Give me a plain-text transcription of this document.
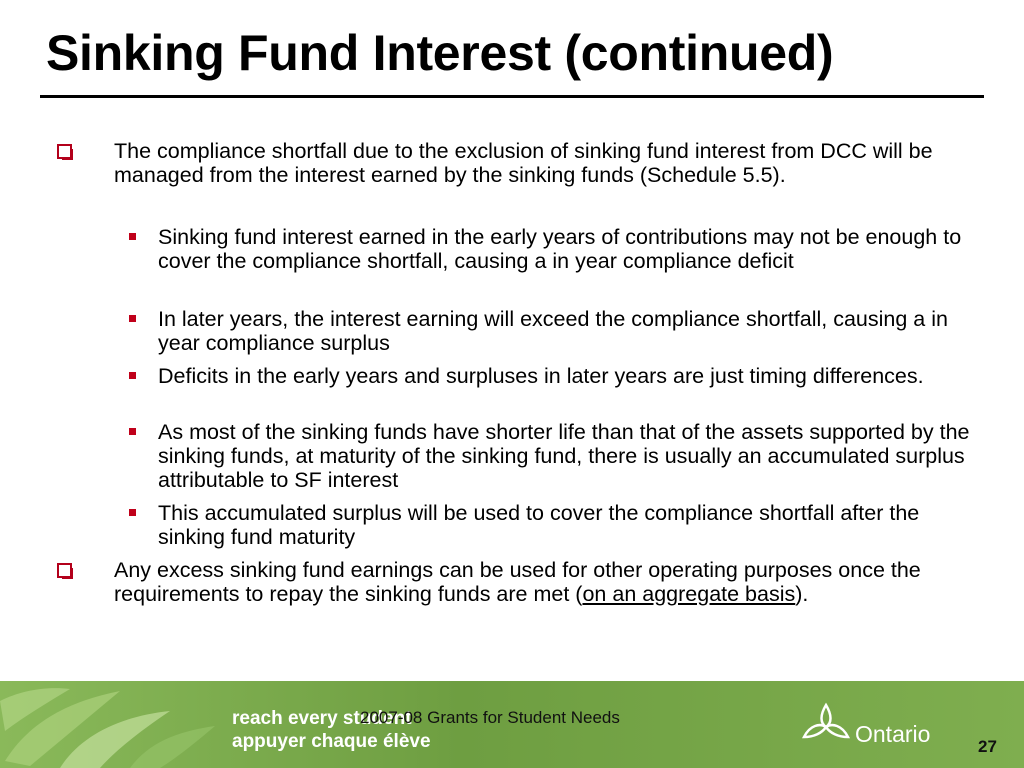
Sinking Fund Interest (continued)
The compliance shortfall due to the exclusion of sinking fund interest from DCC will be managed from the interest earned by the sinking funds (Schedule 5.5).
Sinking fund interest earned in the early years of contributions may not be enough to cover the compliance shortfall, causing a in year compliance deficit
In later years, the interest earning will exceed the compliance shortfall, causing a in year compliance surplus
Deficits in the early years and surpluses in later years are just timing differences.
As most of the sinking funds have shorter life than that of the assets supported by the sinking funds, at maturity of the sinking fund, there is usually an accumulated surplus attributable to SF interest
This accumulated surplus will be used to cover the compliance shortfall after the sinking fund maturity
Any excess sinking fund earnings can be used for other operating purposes once the requirements to repay the sinking funds are met (on an aggregate basis).
reach every student
appuyer chaque élève
2007-08 Grants for Student Needs
Ontario	27
